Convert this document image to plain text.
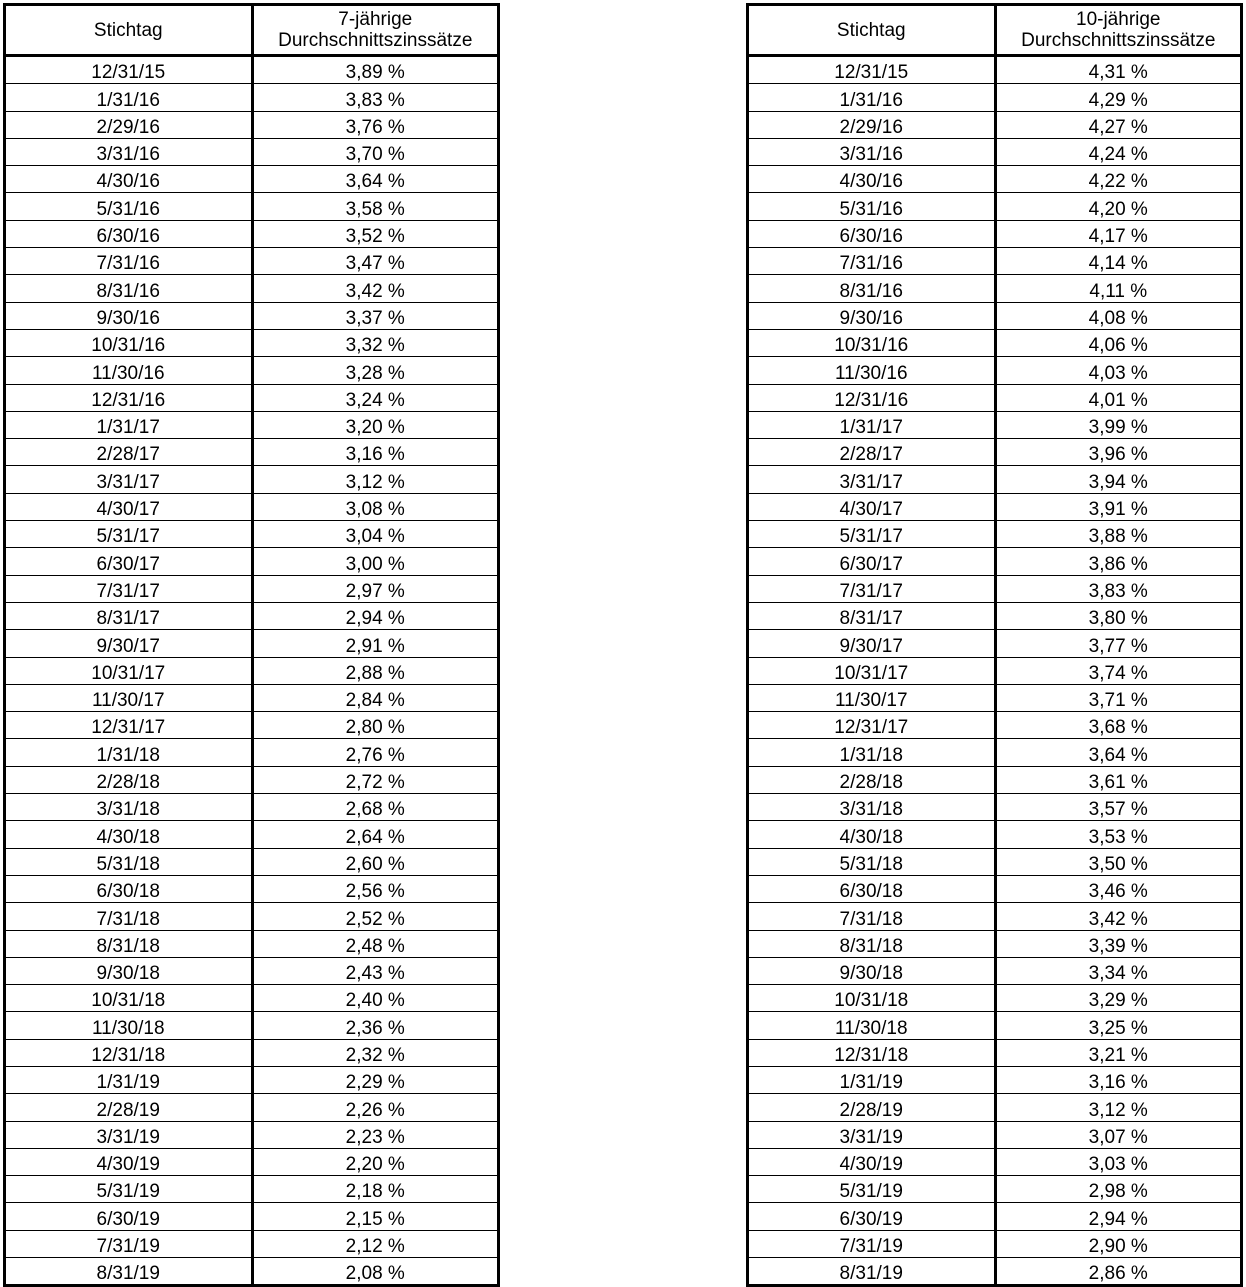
Stichtag	7-jährige
Durchschnittszinssätze
12/31/15	3,89 %
1/31/16	3,83 %
2/29/16	3,76 %
3/31/16	3,70 %
4/30/16	3,64 %
5/31/16	3,58 %
6/30/16	3,52 %
7/31/16	3,47 %
8/31/16	3,42 %
9/30/16	3,37 %
10/31/16	3,32 %
11/30/16	3,28 %
12/31/16	3,24 %
1/31/17	3,20 %
2/28/17	3,16 %
3/31/17	3,12 %
4/30/17	3,08 %
5/31/17	3,04 %
6/30/17	3,00 %
7/31/17	2,97 %
8/31/17	2,94 %
9/30/17	2,91 %
10/31/17	2,88 %
11/30/17	2,84 %
12/31/17	2,80 %
1/31/18	2,76 %
2/28/18	2,72 %
3/31/18	2,68 %
4/30/18	2,64 %
5/31/18	2,60 %
6/30/18	2,56 %
7/31/18	2,52 %
8/31/18	2,48 %
9/30/18	2,43 %
10/31/18	2,40 %
11/30/18	2,36 %
12/31/18	2,32 %
1/31/19	2,29 %
2/28/19	2,26 %
3/31/19	2,23 %
4/30/19	2,20 %
5/31/19	2,18 %
6/30/19	2,15 %
7/31/19	2,12 %
8/31/19	2,08 %
Stichtag	10-jährige
Durchschnittszinssätze
12/31/15	4,31 %
1/31/16	4,29 %
2/29/16	4,27 %
3/31/16	4,24 %
4/30/16	4,22 %
5/31/16	4,20 %
6/30/16	4,17 %
7/31/16	4,14 %
8/31/16	4,11 %
9/30/16	4,08 %
10/31/16	4,06 %
11/30/16	4,03 %
12/31/16	4,01 %
1/31/17	3,99 %
2/28/17	3,96 %
3/31/17	3,94 %
4/30/17	3,91 %
5/31/17	3,88 %
6/30/17	3,86 %
7/31/17	3,83 %
8/31/17	3,80 %
9/30/17	3,77 %
10/31/17	3,74 %
11/30/17	3,71 %
12/31/17	3,68 %
1/31/18	3,64 %
2/28/18	3,61 %
3/31/18	3,57 %
4/30/18	3,53 %
5/31/18	3,50 %
6/30/18	3,46 %
7/31/18	3,42 %
8/31/18	3,39 %
9/30/18	3,34 %
10/31/18	3,29 %
11/30/18	3,25 %
12/31/18	3,21 %
1/31/19	3,16 %
2/28/19	3,12 %
3/31/19	3,07 %
4/30/19	3,03 %
5/31/19	2,98 %
6/30/19	2,94 %
7/31/19	2,90 %
8/31/19	2,86 %
